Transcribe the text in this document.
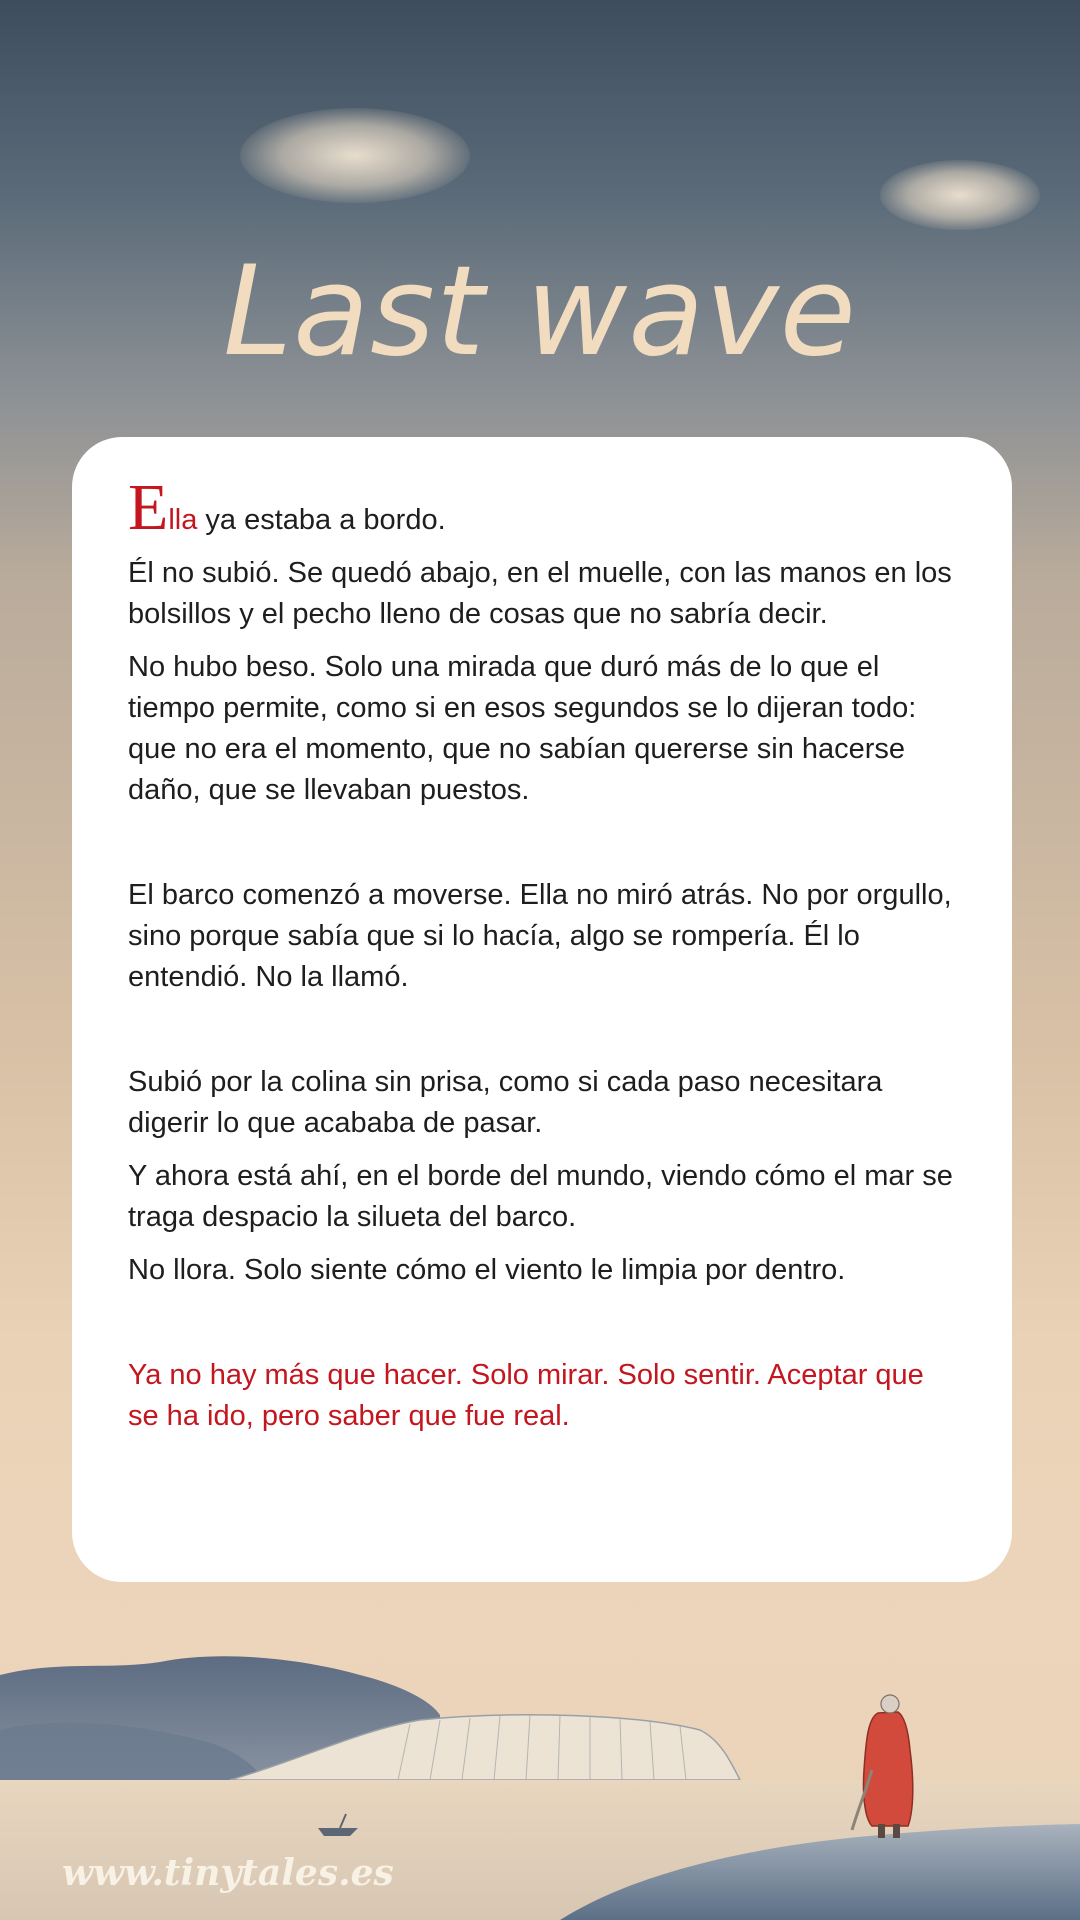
Last wave

Ella ya estaba a bordo.

Él no subió. Se quedó abajo, en el muelle, con las manos en los bolsillos y el pecho lleno de cosas que no sabría decir.

No hubo beso. Solo una mirada que duró más de lo que el tiempo permite, como si en esos segundos se lo dijeran todo: que no era el momento, que no sabían quererse sin hacerse daño, que se llevaban puestos.

El barco comenzó a moverse. Ella no miró atrás. No por orgullo, sino porque sabía que si lo hacía, algo se rompería. Él lo entendió. No la llamó.

Subió por la colina sin prisa, como si cada paso necesitara digerir lo que acababa de pasar.

Y ahora está ahí, en el borde del mundo, viendo cómo el mar se traga despacio la silueta del barco.

No llora. Solo siente cómo el viento le limpia por dentro.

Ya no hay más que hacer. Solo mirar. Solo sentir. Aceptar que se ha ido, pero saber que fue real.

www.tinytales.es
